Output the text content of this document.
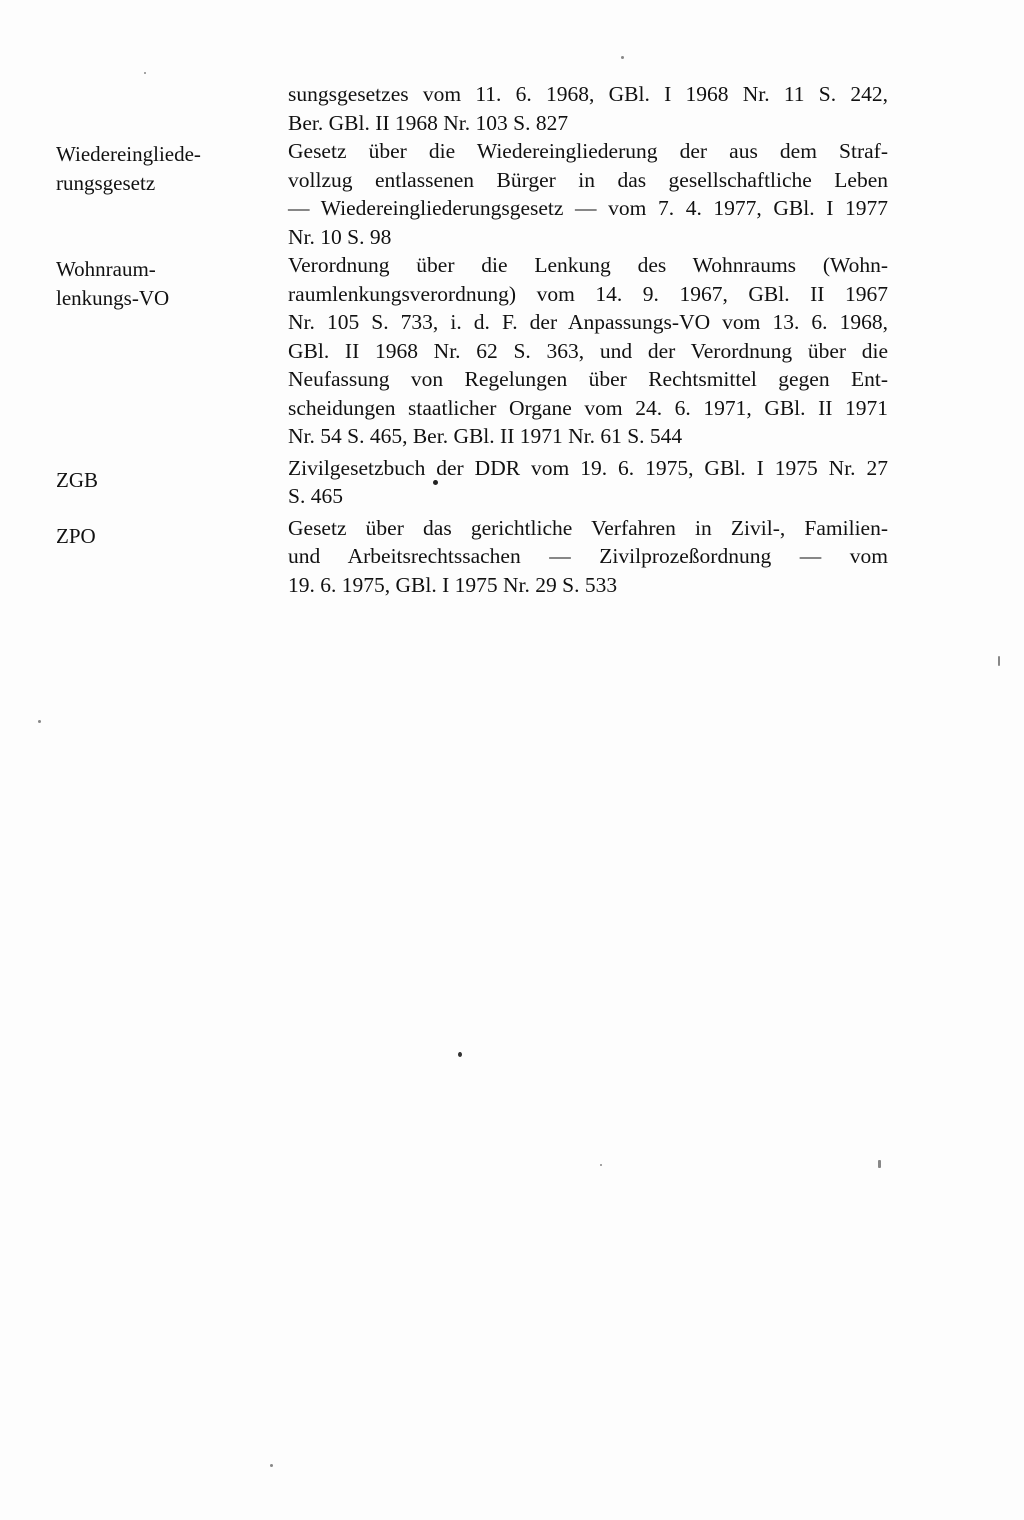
sungsgesetzes vom 11. 6. 1968, GBl. I 1968 Nr. 11 S. 242,
Ber. GBl. II 1968 Nr. 103 S. 827
Wiedereingliede-
rungsgesetz
Gesetz über die Wiedereingliederung der aus dem Straf-
vollzug entlassenen Bürger in das gesellschaftliche Leben
— Wiedereingliederungsgesetz — vom 7. 4. 1977, GBl. I 1977
Nr. 10 S. 98
Wohnraum-
lenkungs-VO
Verordnung über die Lenkung des Wohnraums (Wohn-
raumlenkungsverordnung) vom 14. 9. 1967, GBl. II 1967
Nr. 105 S. 733, i. d. F. der Anpassungs-VO vom 13. 6. 1968,
GBl. II 1968 Nr. 62 S. 363, und der Verordnung über die
Neufassung von Regelungen über Rechtsmittel gegen Ent-
scheidungen staatlicher Organe vom 24. 6. 1971, GBl. II 1971
Nr. 54 S. 465, Ber. GBl. II 1971 Nr. 61 S. 544
ZGB	Zivilgesetzbuch der DDR vom 19. 6. 1975, GBl. I 1975 Nr. 27
S. 465
ZPO	Gesetz über das gerichtliche Verfahren in Zivil-, Familien-
und Arbeitsrechtssachen — Zivilprozeßordnung — vom
19. 6. 1975, GBl. I 1975 Nr. 29 S. 533
